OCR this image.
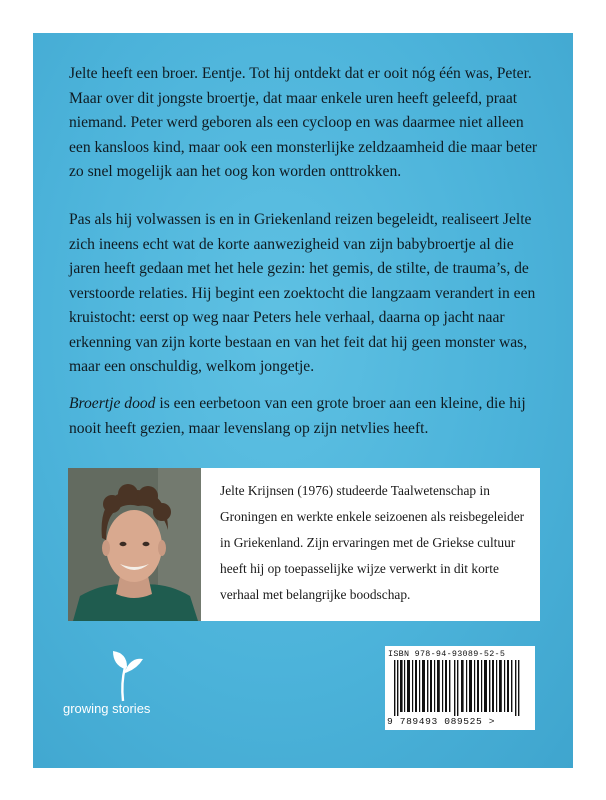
Jelte heeft een broer. Eentje. Tot hij ontdekt dat er ooit nóg één was, Peter. Maar over dit jongste broertje, dat maar enkele uren heeft geleefd, praat niemand. Peter werd geboren als een cycloop en was daarmee niet alleen een kansloos kind, maar ook een monsterlijke zeldzaamheid die maar beter zo snel mogelijk aan het oog kon worden onttrokken.

Pas als hij volwassen is en in Griekenland reizen begeleidt, realiseert Jelte zich ineens echt wat de korte aanwezigheid van zijn babybroertje al die jaren heeft gedaan met het hele gezin: het gemis, de stilte, de trauma’s, de verstoorde relaties. Hij begint een zoektocht die langzaam verandert in een kruistocht: eerst op weg naar Peters hele verhaal, daarna op jacht naar erkenning van zijn korte bestaan en van het feit dat hij geen monster was, maar een onschuldig, welkom jongetje.

Broertje dood is een eerbetoon van een grote broer aan een kleine, die hij nooit heeft gezien, maar levenslang op zijn netvlies heeft.

Jelte Krijnsen (1976) studeerde Taalwetenschap in Groningen en werkte enkele seizoenen als reisbegeleider in Griekenland. Zijn ervaringen met de Griekse cultuur heeft hij op toepasselijke wijze verwerkt in dit korte verhaal met belangrijke boodschap.

growing stories
ISBN 978-94-93089-52-5
9 789493 089525 >
